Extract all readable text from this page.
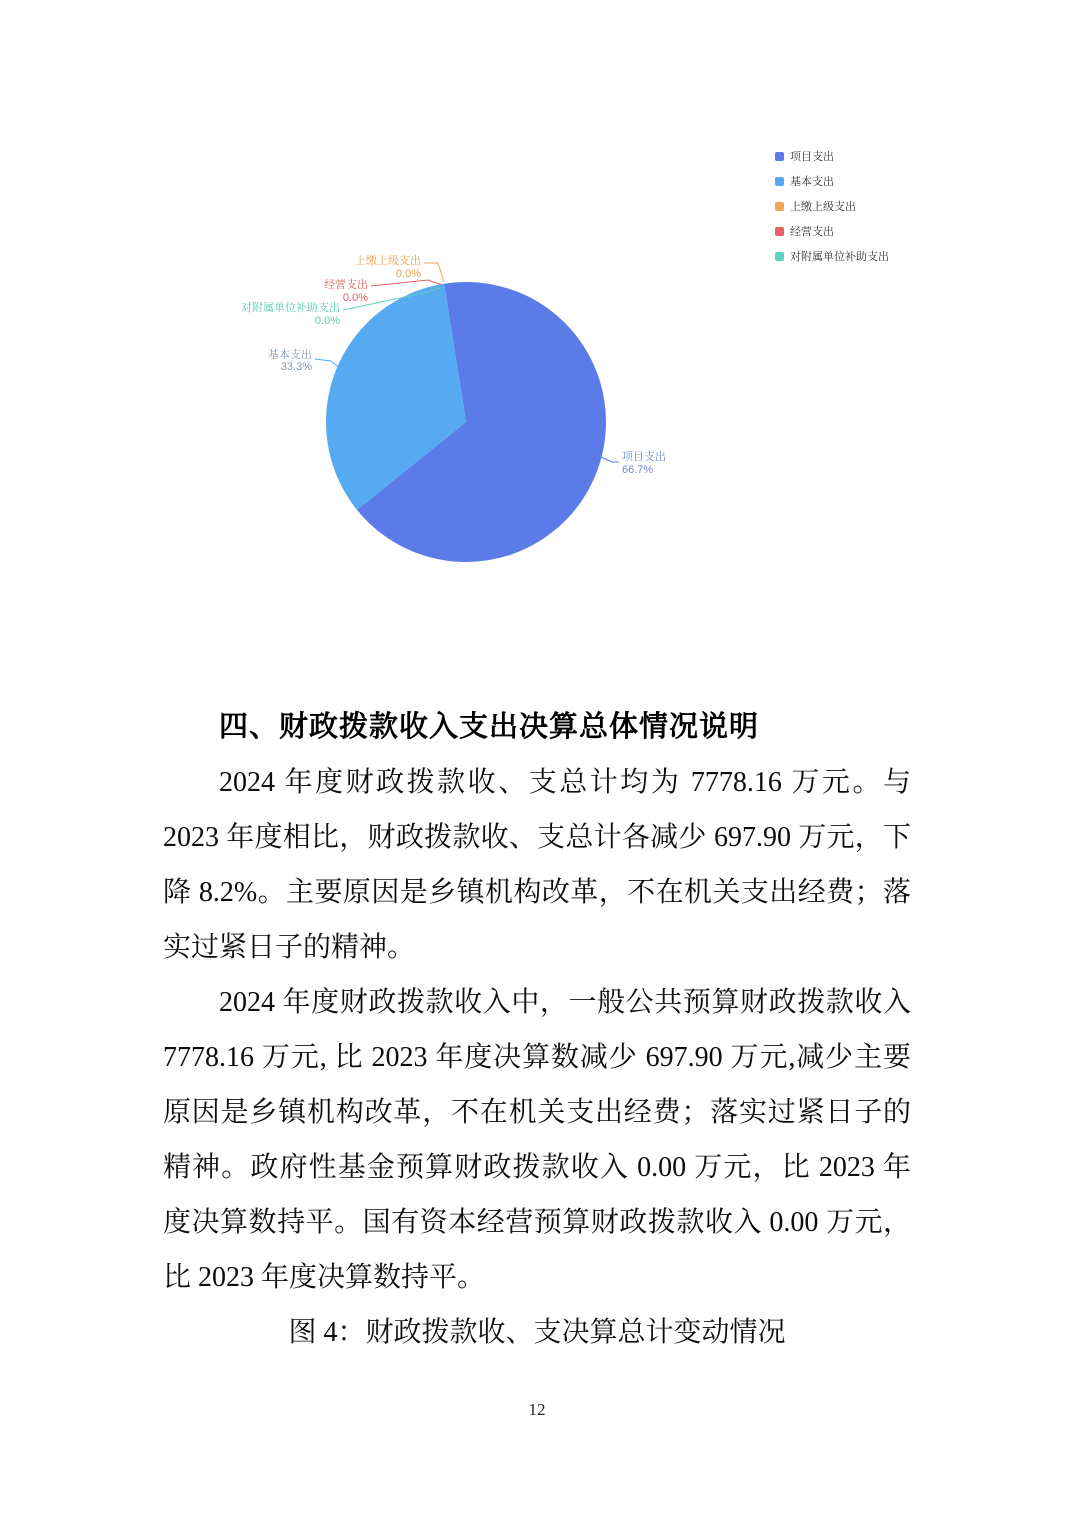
项目支出
66.7%
基本支出
33.3%
上缴上级支出
0.0%
经营支出
0.0%
对附属单位补助支出
0.0%
项目支出
基本支出
上缴上级支出
经营支出
对附属单位补助支出
四、财政拨款收入支出决算总体情况说明

2024 年度财政拨款收、支总计均为 7778.16 万元。与 2023 年度相比，财政拨款收、支总计各减少 697.90 万元，下降 8.2%。主要原因是乡镇机构改革，不在机关支出经费；落实过紧日子的精神。

2024 年度财政拨款收入中，一般公共预算财政拨款收入 7778.16 万元, 比 2023 年度决算数减少 697.90 万元,减少主要原因是乡镇机构改革，不在机关支出经费；落实过紧日子的精神。政府性基金预算财政拨款收入 0.00 万元，比 2023 年度决算数持平。国有资本经营预算财政拨款收入 0.00 万元，比 2023 年度决算数持平。

图 4：财政拨款收、支决算总计变动情况

12
